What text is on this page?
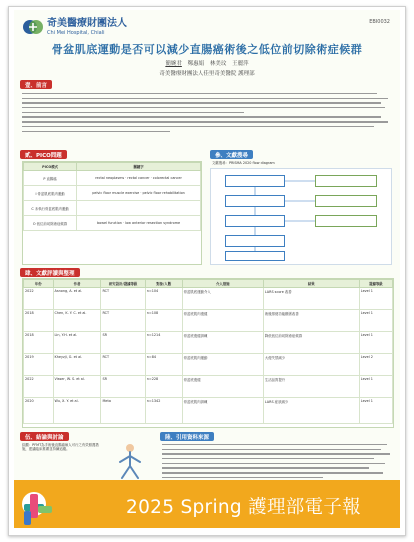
奇美醫療財團法人
Chi Mei Hospital, Chiali
EBI0032
骨盆肌底運動是否可以減少直腸癌術後之低位前切除術症候群
簡婉君 鄭惠娟 林美玟 王麗萍
奇美醫療財團法人佳里奇美醫院 護理部
壹、前言
貳、PICO問題
PICO模式	關鍵字
P 直腸癌	rectal neoplasms · rectal cancer · colorectal cancer
I 骨盆肌底肌肉運動	pelvic floor muscle exercise · pelvic floor rehabilitation
C 未執行骨盆底肌肉運動	
O 低位前切除術症候群	bowel function · low anterior resection syndrome
參、文獻搜尋
文獻搜尋：PRISMA 2020 flow diagram
肆、文獻評讀與整理
年份	作者	研究設計/證據等級	對象/人數	介入措施	結果	證據等級
2022	Asnong, A. et al.	RCT	n=104	骨盆肌底運動介入	LARS score 改善	Level 1
2018	Chen, K. Y. C. et al.	RCT	n=108	骨盆底肌肉復健	術後排便功能顯著改善	Level 1
2018	Lin, Y.H. et al.	SR	n=1214	骨盆底復健訓練	降低低位前切除術症候群	Level 1
2019	Kheyzji, G. et al.	RCT	n=84	骨盆底肌肉運動	大便失禁減少	Level 2
2022	Visser, W. S. et al.	SR	n=228	骨盆底復健	生活品質提升	Level 1
2020	Wu, X. Y. et al.	Meta	n=1342	骨盆底肌肉訓練	LARS 症狀減少	Level 1
伍、結論與討論
綜觀：PFMT為手術後直腸癌病人可行之有效照護措施，建議臨床推廣並持續追蹤。
陸、引用資料來源
2025 Spring 護理部電子報
